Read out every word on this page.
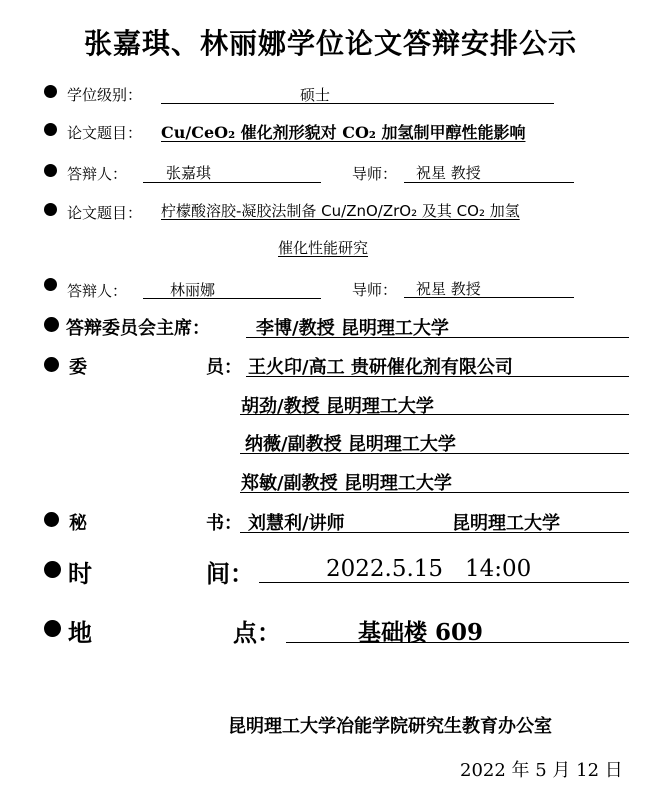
张嘉琪、林丽娜学位论文答辩安排公示
学位级别：	硕士
论文题目： Cu/CeO₂ 催化剂形貌对 CO₂ 加氢制甲醇性能影响
答辩人：	张嘉琪	导师： 祝星 教授
论文题目： 柠檬酸溶胶-凝胶法制备 Cu/ZnO/ZrO₂ 及其 CO₂ 加氢
催化性能研究
答辩人：	林丽娜	导师： 祝星 教授
答辩委员会主席：	李博/教授 昆明理工大学
委	员： 王火印/高工 贵研催化剂有限公司
胡劲/教授 昆明理工大学
纳薇/副教授 昆明理工大学
郑敏/副教授 昆明理工大学
秘	书： 刘慧利/讲师	昆明理工大学
时	间：	2022.5.15   14:00
地	点：	基础楼 609
昆明理工大学冶能学院研究生教育办公室
2022 年 5 月 12 日
